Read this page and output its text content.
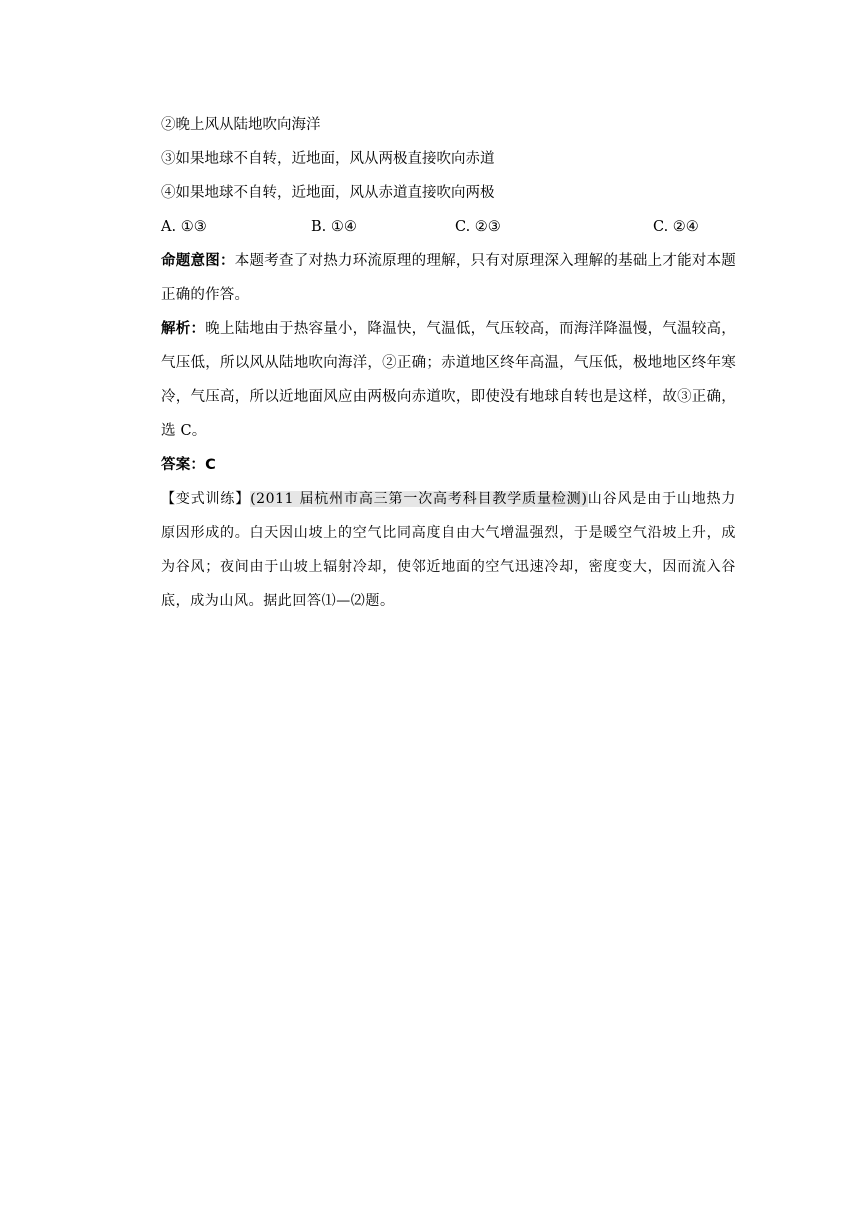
②晚上风从陆地吹向海洋
③如果地球不自转，近地面，风从两极直接吹向赤道
④如果地球不自转，近地面，风从赤道直接吹向两极
A. ①③	B. ①④	C. ②③	C. ②④
命题意图：本题考查了对热力环流原理的理解，只有对原理深入理解的基础上才能对本题正确的作答。
解析：晚上陆地由于热容量小，降温快，气温低，气压较高，而海洋降温慢，气温较高，气压低，所以风从陆地吹向海洋，②正确；赤道地区终年高温，气压低，极地地区终年寒冷，气压高，所以近地面风应由两极向赤道吹，即使没有地球自转也是这样，故③正确，选 C。
答案：C
【变式训练】(2011 届杭州市高三第一次高考科目教学质量检测)山谷风是由于山地热力原因形成的。白天因山坡上的空气比同高度自由大气增温强烈，于是暖空气沿坡上升，成为谷风；夜间由于山坡上辐射冷却，使邻近地面的空气迅速冷却，密度变大，因而流入谷底，成为山风。据此回答⑴—⑵题。
